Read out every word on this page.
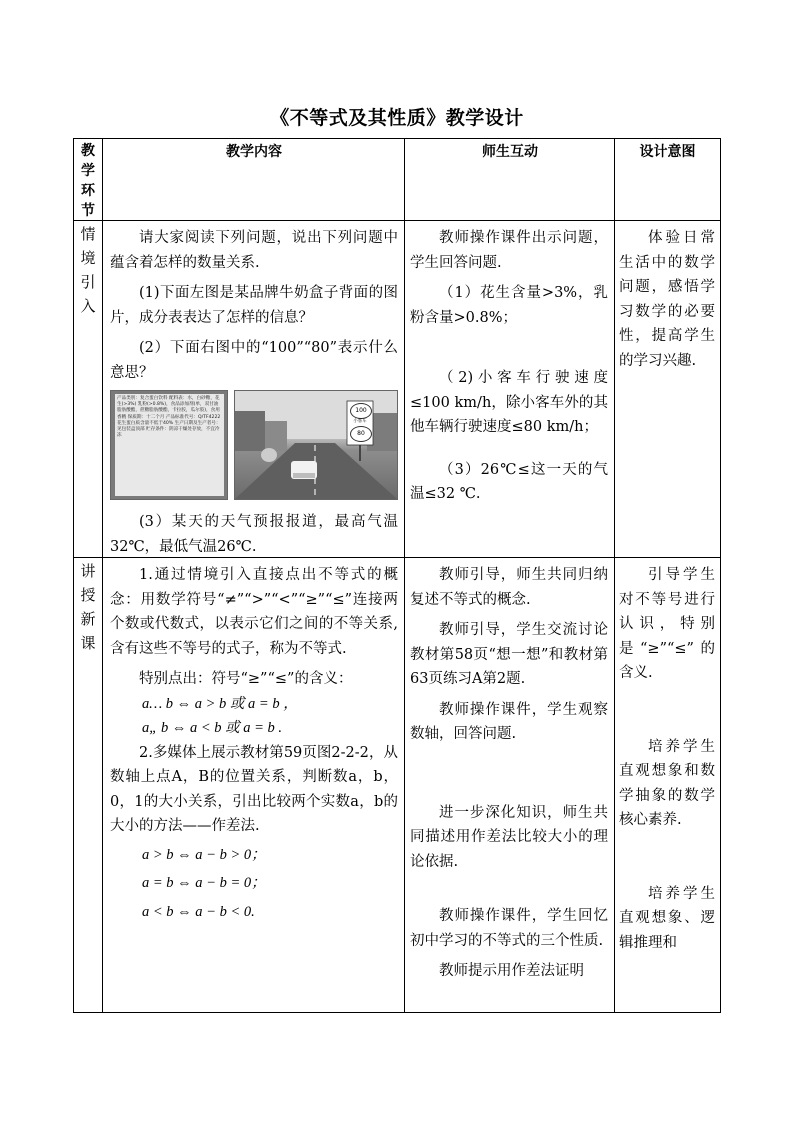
《不等式及其性质》教学设计
教
学
环
节
教学内容	师生互动	设计意图
情
境
引
入

请大家阅读下列问题，说出下列问题中蕴含着怎样的数量关系.

(1)下面左图是某品牌牛奶盒子背面的图片，成分表表达了怎样的信息？

(2）下面右图中的“100”“80”表示什么意思？

产品类别：复合蛋白饮料 配料表：水，白砂糖，花生(>3%) 乳粉(>0.8%)，食品添加剂(单，双甘油脂肪酸酯，蔗糖脂肪酸酯，卡拉胶，瓜尔胶)，食用香精 保质期：十二个月 产品标准代号：Q/TF4222 花生蛋白质含量不低于40% 生产日期及生产者号：见包装盒顶部 贮存条件：阴凉干燥处存放，不宜冷冻
100
小客车
80

(3）某天的天气预报报道，最高气温32℃，最低气温26℃.

教师操作课件出示问题，学生回答问题.

（1）花生含量>3%，乳粉含量>0.8%；

（2)小客车行驶速度≤100 km/h，除小客车外的其他车辆行驶速度≤80 km/h；

（3）26℃≤这一天的气温≤32 ℃.

体验日常生活中的数学问题，感悟学习数学的必要性，提高学生的学习兴趣.

讲
授
新
课

1.通过情境引入直接点出不等式的概念：用数学符号“≠”“>”“<”“≥”“≤”连接两个数或代数式，以表示它们之间的不等关系,含有这些不等号的式子，称为不等式.

特别点出：符号“≥”“≤”的含义：

a… b ⇔ a > b 或 a = b ，

a„ b ⇔ a < b 或 a = b .

2.多媒体上展示教材第59页图2-2-2，从数轴上点A，B的位置关系，判断数a，b，0，1的大小关系，引出比较两个实数a，b的大小的方法——作差法.

a > b ⇔ a − b > 0；

a = b ⇔ a − b = 0；

a < b ⇔ a − b < 0.

教师引导，师生共同归纳复述不等式的概念.

教师引导，学生交流讨论教材第58页“想一想”和教材第63页练习A第2题.

教师操作课件，学生观察数轴，回答问题.

进一步深化知识，师生共同描述用作差法比较大小的理论依据.

教师操作课件，学生回忆初中学习的不等式的三个性质.

教师提示用作差法证明

引导学生对不等号进行认识，特别是“≥”“≤”的含义.

培养学生直观想象和数学抽象的数学核心素养.

培养学生直观想象、逻辑推理和
